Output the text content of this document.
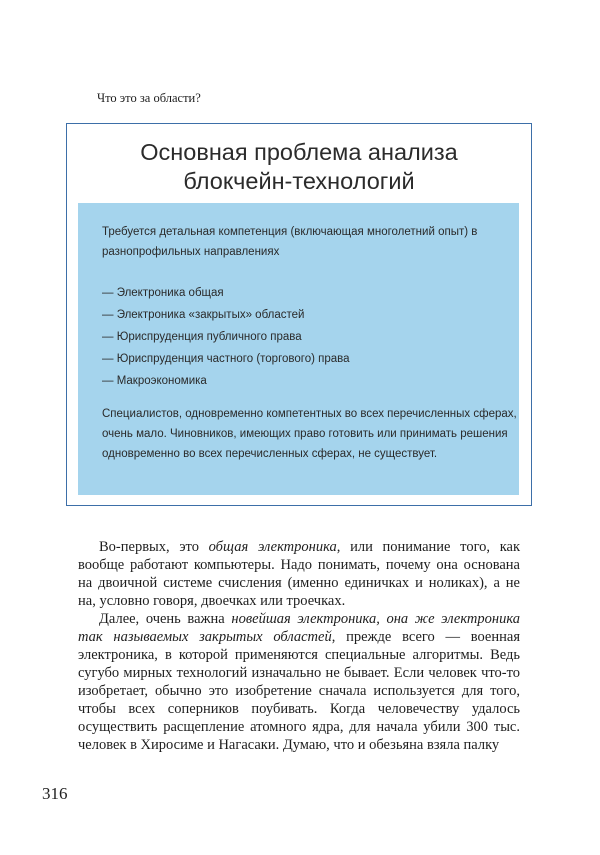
Что это за области?
Основная проблема анализа
блокчейн-технологий
Требуется детальная компетенция (включающая многолетний опыт) в разнопрофильных направлениях
— Электроника общая
— Электроника «закрытых» областей
— Юриспруденция публичного права
— Юриспруденция частного (торгового) права
— Макроэкономика
Специалистов, одновременно компетентных во всех перечисленных сферах, очень мало. Чиновников, имеющих право готовить или принимать решения одновременно во всех перечисленных сферах, не существует.

Во-первых, это общая электроника, или понимание того, как вообще работают компьютеры. Надо понимать, почему она основана на двоичной системе счисления (именно единичках и ноликах), а не на, условно говоря, двоечках или троечках.

Далее, очень важна новейшая электроника, она же электроника так называемых закрытых областей, прежде всего — военная электроника, в которой применяются специальные алгоритмы. Ведь сугубо мирных технологий изначально не бывает. Если человек что-то изобретает, обычно это изобретение сначала используется для того, чтобы всех соперников поубивать. Когда человечеству удалось осуществить расщепление атомного ядра, для начала убили 300 тыс. человек в Хиросиме и Нагасаки. Думаю, что и обезьяна взяла палку

316
